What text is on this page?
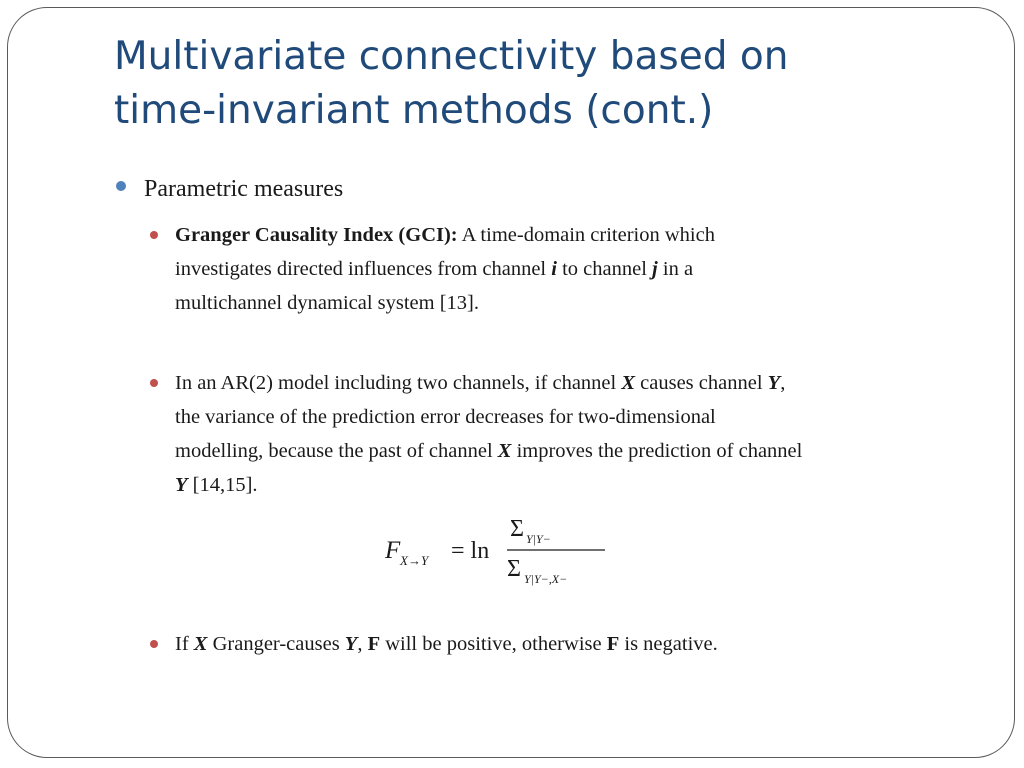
Multivariate connectivity based on
time-invariant methods (cont.)
Parametric measures
Granger Causality Index (GCI): A time-domain criterion which
investigates directed influences from channel i to channel j in a
multichannel dynamical system [13].
In an AR(2) model including two channels, if channel X causes channel Y,
the variance of the prediction error decreases for two-dimensional
modelling, because the past of channel X improves the prediction of channel
Y [14,15].
F X→Y = ln
Σ Y|Y−
Σ Y|Y−,X−
If X Granger-causes Y, F will be positive, otherwise F is negative.
